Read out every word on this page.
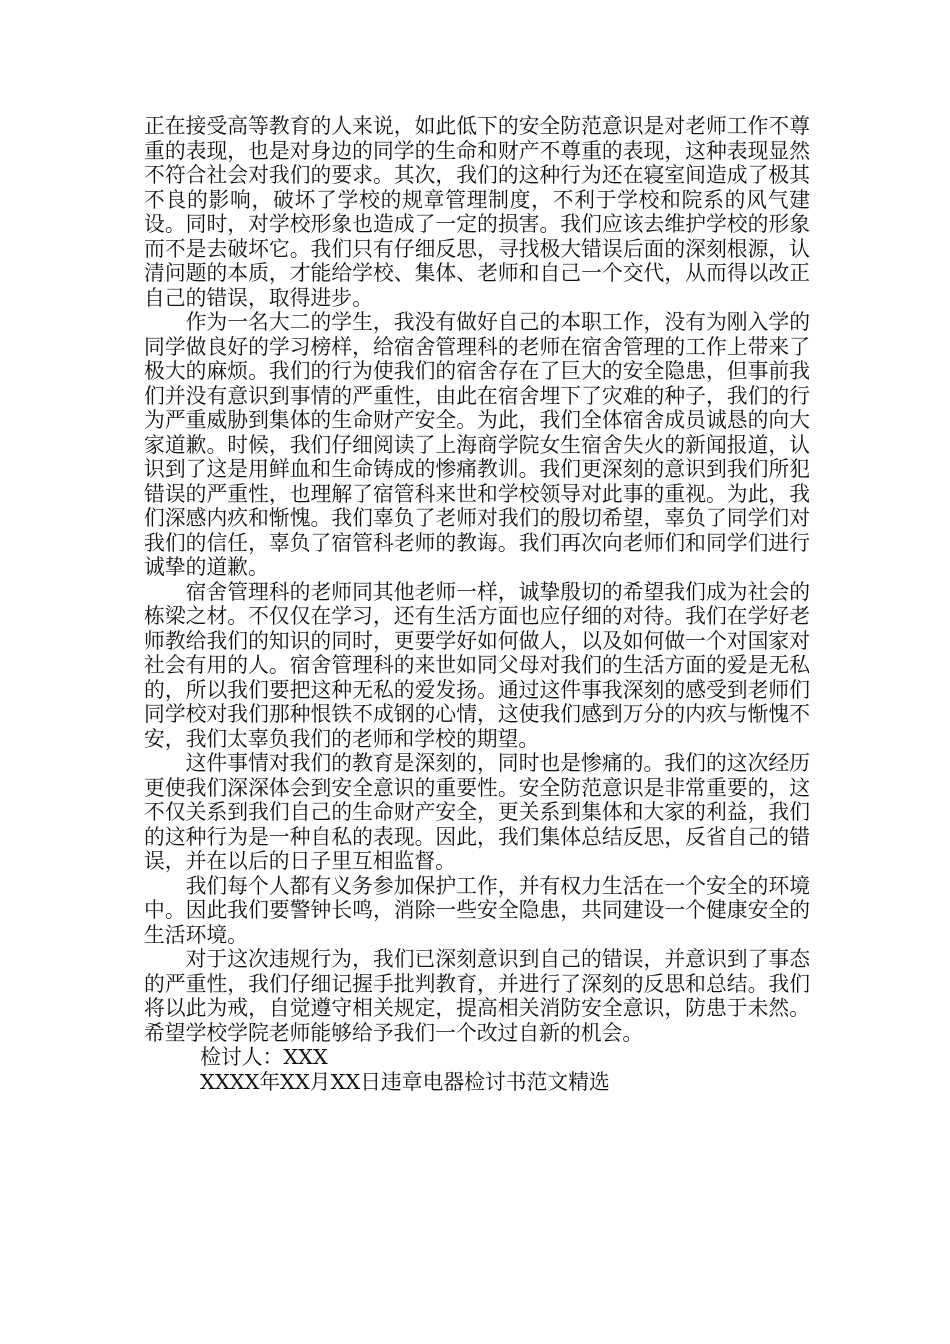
正在接受高等教育的人来说，如此低下的安全防范意识是对老师工作不尊重的表现，也是对身边的同学的生命和财产不尊重的表现，这种表现显然不符合社会对我们的要求。其次，我们的这种行为还在寝室间造成了极其不良的影响，破坏了学校的规章管理制度，不利于学校和院系的风气建设。同时，对学校形象也造成了一定的损害。我们应该去维护学校的形象而不是去破坏它。我们只有仔细反思，寻找极大错误后面的深刻根源，认清问题的本质，才能给学校、集体、老师和自己一个交代，从而得以改正自己的错误，取得进步。

作为一名大二的学生，我没有做好自己的本职工作，没有为刚入学的同学做良好的学习榜样，给宿舍管理科的老师在宿舍管理的工作上带来了极大的麻烦。我们的行为使我们的宿舍存在了巨大的安全隐患，但事前我们并没有意识到事情的严重性，由此在宿舍埋下了灾难的种子，我们的行为严重威胁到集体的生命财产安全。为此，我们全体宿舍成员诚恳的向大家道歉。时候，我们仔细阅读了上海商学院女生宿舍失火的新闻报道，认识到了这是用鲜血和生命铸成的惨痛教训。我们更深刻的意识到我们所犯错误的严重性，也理解了宿管科来世和学校领导对此事的重视。为此，我们深感内疚和惭愧。我们辜负了老师对我们的殷切希望，辜负了同学们对我们的信任，辜负了宿管科老师的教诲。我们再次向老师们和同学们进行诚挚的道歉。

宿舍管理科的老师同其他老师一样，诚挚殷切的希望我们成为社会的栋梁之材。不仅仅在学习，还有生活方面也应仔细的对待。我们在学好老师教给我们的知识的同时，更要学好如何做人，以及如何做一个对国家对社会有用的人。宿舍管理科的来世如同父母对我们的生活方面的爱是无私的，所以我们要把这种无私的爱发扬。通过这件事我深刻的感受到老师们同学校对我们那种恨铁不成钢的心情，这使我们感到万分的内疚与惭愧不安，我们太辜负我们的老师和学校的期望。

这件事情对我们的教育是深刻的，同时也是惨痛的。我们的这次经历更使我们深深体会到安全意识的重要性。安全防范意识是非常重要的，这不仅关系到我们自己的生命财产安全，更关系到集体和大家的利益，我们的这种行为是一种自私的表现。因此，我们集体总结反思，反省自己的错误，并在以后的日子里互相监督。

我们每个人都有义务参加保护工作，并有权力生活在一个安全的环境中。因此我们要警钟长鸣，消除一些安全隐患，共同建设一个健康安全的生活环境。

对于这次违规行为，我们已深刻意识到自己的错误，并意识到了事态的严重性，我们仔细记握手批判教育，并进行了深刻的反思和总结。我们将以此为戒，自觉遵守相关规定，提高相关消防安全意识，防患于未然。希望学校学院老师能够给予我们一个改过自新的机会。

检讨人：XXX

XXXX年XX月XX日违章电器检讨书范文精选
